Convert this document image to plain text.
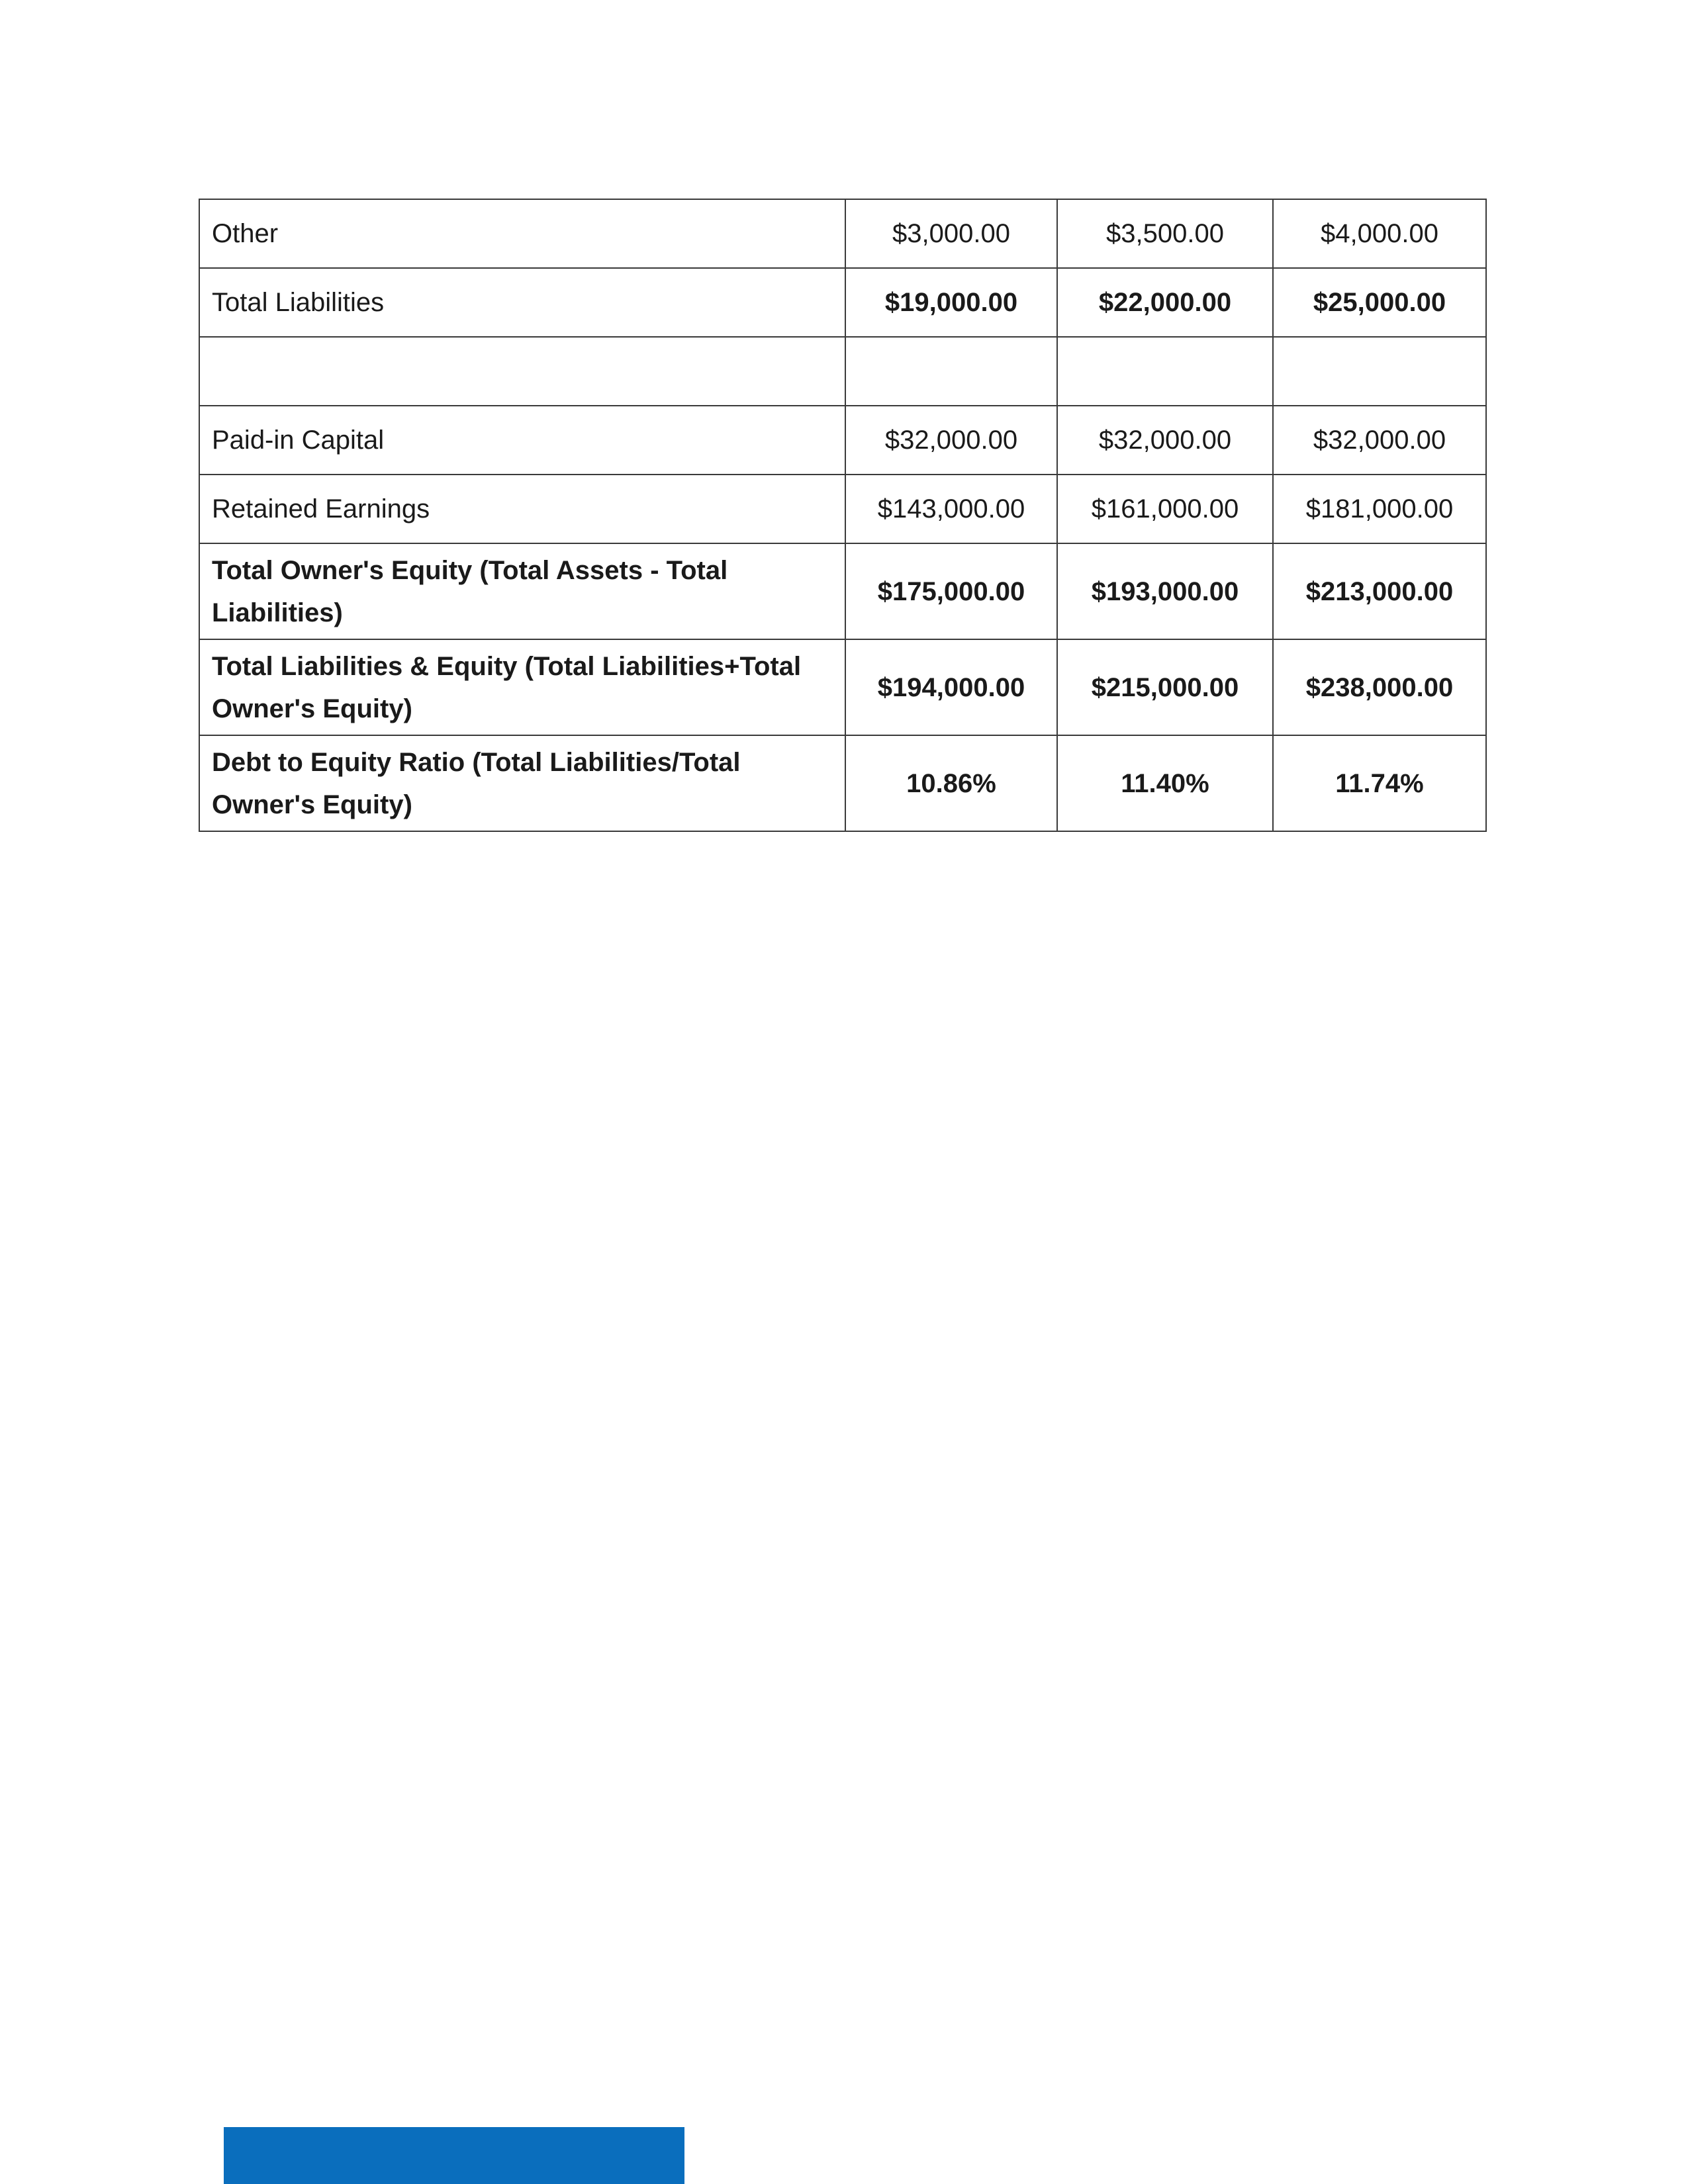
Other	$3,000.00	$3,500.00	$4,000.00
Total Liabilities	$19,000.00	$22,000.00	$25,000.00

Paid-in Capital	$32,000.00	$32,000.00	$32,000.00
Retained Earnings	$143,000.00	$161,000.00	$181,000.00
Total Owner's Equity (Total Assets - Total Liabilities)	$175,000.00	$193,000.00	$213,000.00
Total Liabilities & Equity (Total Liabilities+Total Owner's Equity)	$194,000.00	$215,000.00	$238,000.00
Debt to Equity Ratio (Total Liabilities/Total Owner's Equity)	10.86%	11.40%	11.74%
